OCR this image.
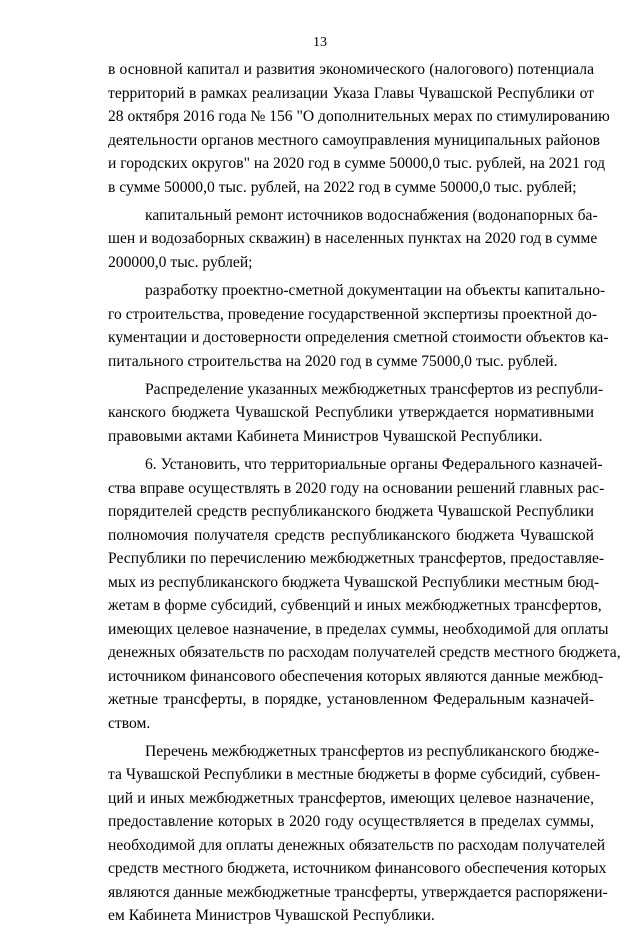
13
в основной капитал и развития экономического (налогового) потенциала
территорий в рамках реализации Указа Главы Чувашской Республики от
28 октября 2016 года № 156 "О дополнительных мерах по стимулированию
деятельности органов местного самоуправления муниципальных районов
и городских округов" на 2020 год в сумме 50000,0 тыс. рублей, на 2021 год
в сумме 50000,0 тыс. рублей, на 2022 год в сумме 50000,0 тыс. рублей;
капитальный ремонт источников водоснабжения (водонапорных ба-
шен и водозаборных скважин) в населенных пунктах на 2020 год в сумме
200000,0 тыс. рублей;
разработку проектно-сметной документации на объекты капитально-
го строительства, проведение государственной экспертизы проектной до-
кументации и достоверности определения сметной стоимости объектов ка-
питального строительства на 2020 год в сумме 75000,0 тыс. рублей.
Распределение указанных межбюджетных трансфертов из республи-
канского бюджета Чувашской Республики утверждается нормативными
правовыми актами Кабинета Министров Чувашской Республики.
6. Установить, что территориальные органы Федерального казначей-
ства вправе осуществлять в 2020 году на основании решений главных рас-
порядителей средств республиканского бюджета Чувашской Республики
полномочия получателя средств республиканского бюджета Чувашской
Республики по перечислению межбюджетных трансфертов, предоставляе-
мых из республиканского бюджета Чувашской Республики местным бюд-
жетам в форме субсидий, субвенций и иных межбюджетных трансфертов,
имеющих целевое назначение, в пределах суммы, необходимой для оплаты
денежных обязательств по расходам получателей средств местного бюджета,
источником финансового обеспечения которых являются данные межбюд-
жетные трансферты, в порядке, установленном Федеральным казначей-
ством.
Перечень межбюджетных трансфертов из республиканского бюдже-
та Чувашской Республики в местные бюджеты в форме субсидий, субвен-
ций и иных межбюджетных трансфертов, имеющих целевое назначение,
предоставление которых в 2020 году осуществляется в пределах суммы,
необходимой для оплаты денежных обязательств по расходам получателей
средств местного бюджета, источником финансового обеспечения которых
являются данные межбюджетные трансферты, утверждается распоряжени-
ем Кабинета Министров Чувашской Республики.
